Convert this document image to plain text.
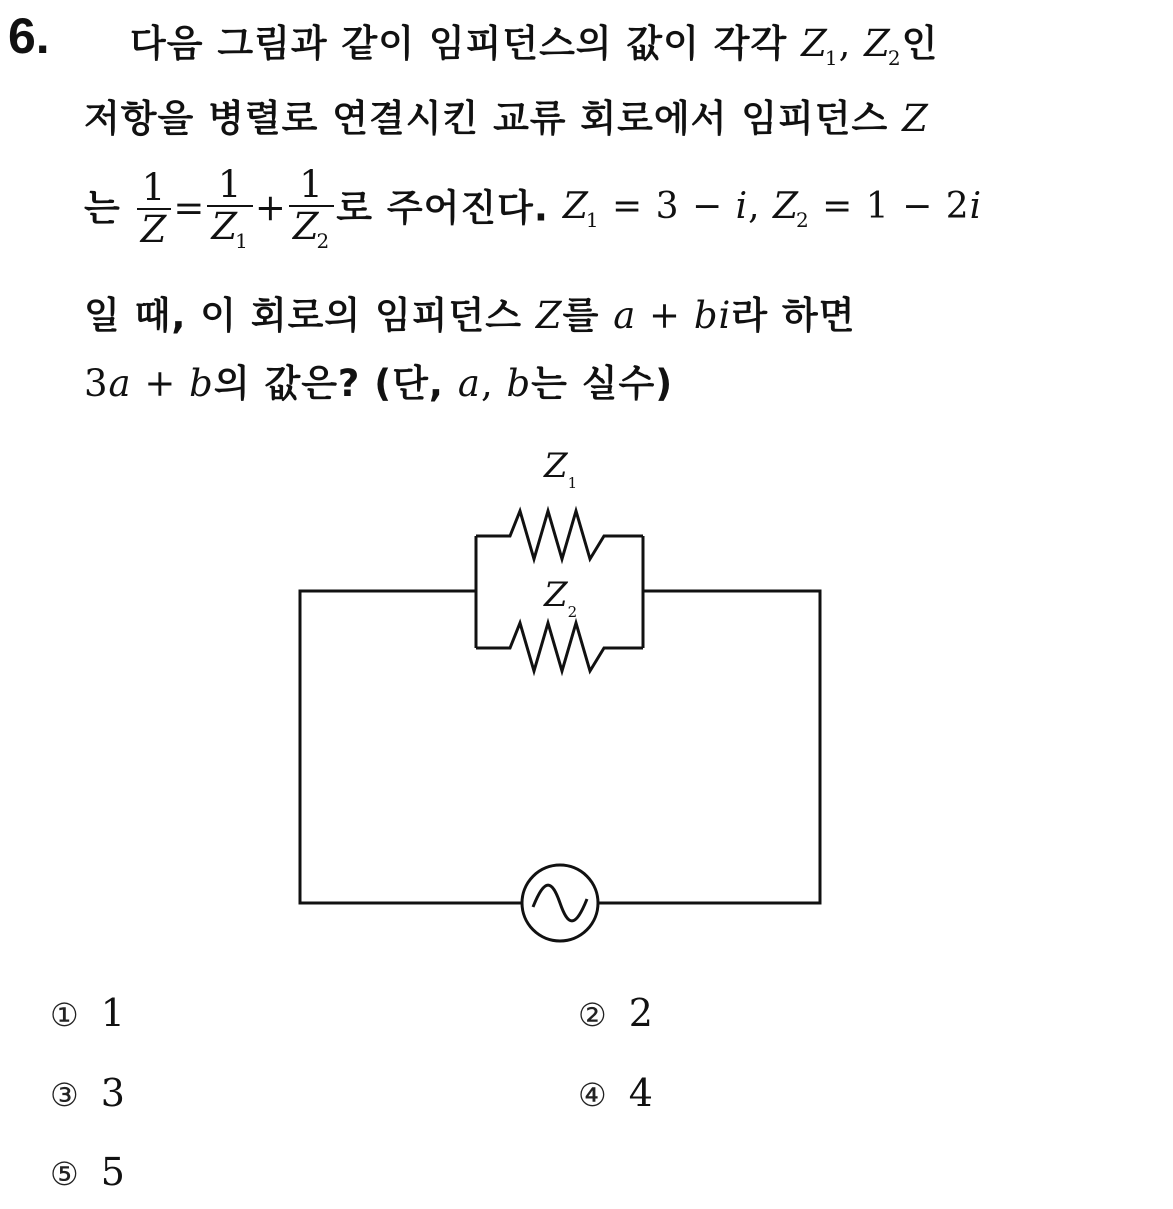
6. 다음 그림과 같이 임피던스의 값이 각각 $Z_1$, $Z_2$인
저항을 병렬로 연결시킨 교류 회로에서 임피던스 Z
는 $\frac{1}{Z} = \frac{1}{Z_1} + \frac{1}{Z_2}$ 로 주어진다. $Z_1 = 3 - i$, $Z_2 = 1 - 2i$
일 때, 이 회로의 임피던스 Z를 a + bi라 하면
3a + b의 값은? (단, a, b는 실수)
$Z_1$
$Z_2$
① 1	② 2
③ 3	④ 4
⑤ 5
